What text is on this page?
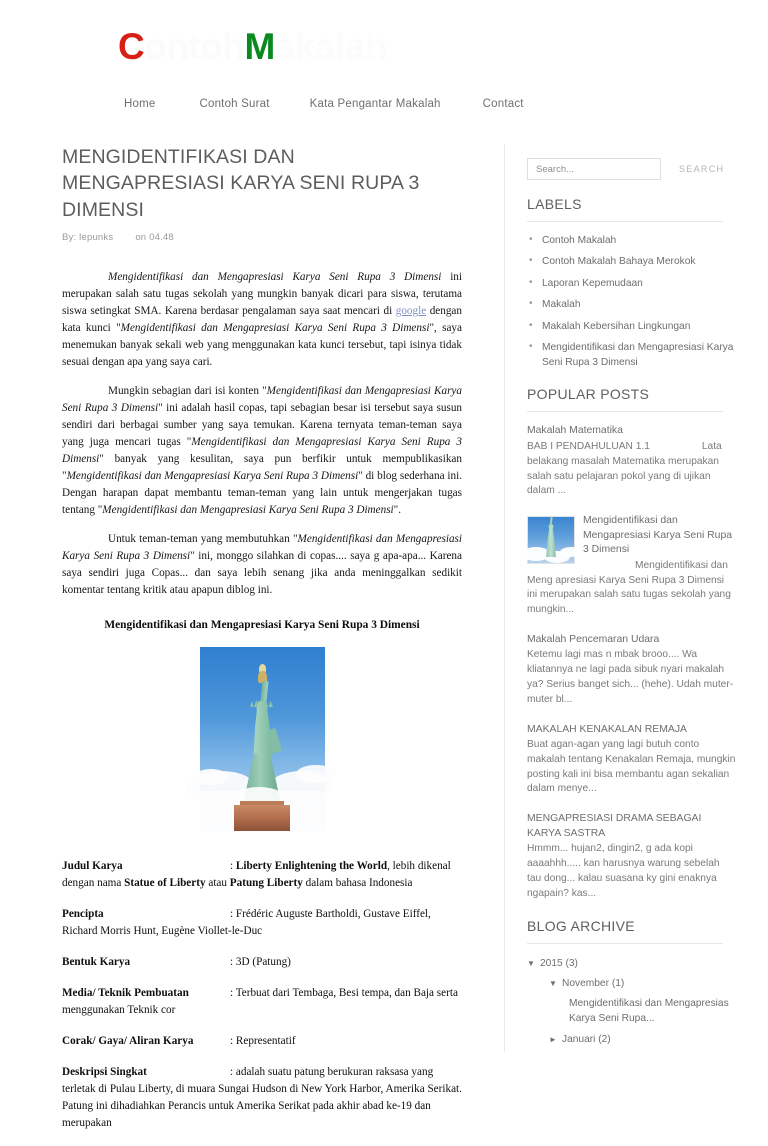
ContohMakalah
Home	Contoh Surat	Kata Pengantar Makalah	Contact
MENGIDENTIFIKASI DAN MENGAPRESIASI KARYA SENI RUPA 3 DIMENSI
By: lepunks on 04.48

Mengidentifikasi dan Mengapresiasi Karya Seni Rupa 3 Dimensi ini merupakan salah satu tugas sekolah yang mungkin banyak dicari para siswa, terutama siswa setingkat SMA. Karena berdasar pengalaman saya saat mencari di google dengan kata kunci "Mengidentifikasi dan Mengapresiasi Karya Seni Rupa 3 Dimensi", saya menemukan banyak sekali web yang menggunakan kata kunci tersebut, tapi isinya tidak sesuai dengan apa yang saya cari.

Mungkin sebagian dari isi konten "Mengidentifikasi dan Mengapresiasi Karya Seni Rupa 3 Dimensi" ini adalah hasil copas, tapi sebagian besar isi tersebut saya susun sendiri dari berbagai sumber yang saya temukan. Karena ternyata teman-teman saya yang juga mencari tugas "Mengidentifikasi dan Mengapresiasi Karya Seni Rupa 3 Dimensi" banyak yang kesulitan, saya pun berfikir untuk mempublikasikan "Mengidentifikasi dan Mengapresiasi Karya Seni Rupa 3 Dimensi" di blog sederhana ini. Dengan harapan dapat membantu teman-teman yang lain untuk mengerjakan tugas tentang "Mengidentifikasi dan Mengapresiasi Karya Seni Rupa 3 Dimensi".

Untuk teman-teman yang membutuhkan "Mengidentifikasi dan Mengapresiasi Karya Seni Rupa 3 Dimensi" ini, monggo silahkan di copas.... saya g apa-apa... Karena saya sendiri juga Copas... dan saya lebih senang jika anda meninggalkan sedikit komentar tentang kritik atau apapun diblog ini.

Mengidentifikasi dan Mengapresiasi Karya Seni Rupa 3 Dimensi
Judul Karya	: Liberty Enlightening the World, lebih dikenal dengan nama Statue of Liberty atau Patung Liberty dalam bahasa Indonesia
Pencipta	: Frédéric Auguste Bartholdi, Gustave Eiffel, Richard Morris Hunt, Eugène Viollet-le-Duc
Bentuk Karya	: 3D (Patung)
Media/ Teknik Pembuatan	: Terbuat dari Tembaga, Besi tempa, dan Baja serta menggunakan Teknik cor
Corak/ Gaya/ Aliran Karya	: Representatif
Deskripsi Singkat	: adalah suatu patung berukuran raksasa yang terletak di Pulau Liberty, di muara Sungai Hudson di New York Harbor, Amerika Serikat. Patung ini dihadiahkan Perancis untuk Amerika Serikat pada akhir abad ke-19 dan merupakan
Search...
SEARCH
LABELS
• Contoh Makalah
• Contoh Makalah Bahaya Merokok
• Laporan Kepemudaan
• Makalah
• Makalah Kebersihan Lingkungan
• Mengidentifikasi dan Mengapresiasi Karya Seni Rupa 3 Dimensi
POPULAR POSTS
Makalah Matematika
BAB I PENDAHULUAN 1.1	Lata belakang masalah Matematika merupakan salah satu pelajaran pokol yang di ujikan dalam ...
Mengidentifikasi dan Mengapresiasi Karya Seni Rupa 3 Dimensi
Mengidentifikasi dan Meng apresiasi Karya Seni Rupa 3 Dimensi ini merupakan salah satu tugas sekolah yang mungkin...
Makalah Pencemaran Udara
Ketemu lagi mas n mbak brooo.... Wa kliatannya ne lagi pada sibuk nyari makalah ya? Serius banget sich... (hehe). Udah muter-muter bl...
MAKALAH KENAKALAN REMAJA
Buat agan-agan yang lagi butuh conto makalah tentang Kenakalan Remaja, mungkin posting kali ini bisa membantu agan sekalian dalam menye...
MENGAPRESIASI DRAMA SEBAGAI KARYA SASTRA
Hmmm... hujan2, dingin2, g ada kopi aaaahhh..... kan harusnya warung sebelah tau dong... kalau suasana ky gini enaknya ngapain? kas...
BLOG ARCHIVE
▼ 2015 (3)
▼ November (1)
Mengidentifikasi dan Mengapresias Karya Seni Rupa...
► Januari (2)
